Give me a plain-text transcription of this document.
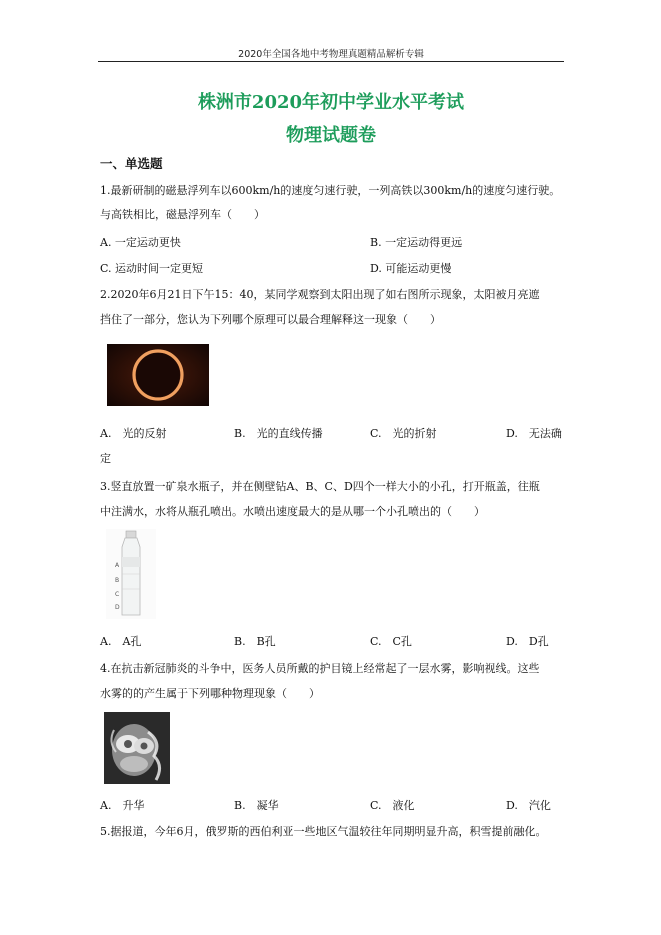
2020年全国各地中考物理真题精品解析专辑
株洲市2020年初中学业水平考试
物理试题卷
一、单选题
1.最新研制的磁悬浮列车以600km/h的速度匀速行驶，一列高铁以300km/h的速度匀速行驶。
与高铁相比，磁悬浮列车（　　）
A. 一定运动更快	B. 一定运动得更远
C. 运动时间一定更短	D. 可能运动更慢
2.2020年6月21日下午15：40，某同学观察到太阳出现了如右图所示现象，太阳被月亮遮
挡住了一部分，您认为下列哪个原理可以最合理解释这一现象（　　）
A.　光的反射	B.　光的直线传播	C.　光的折射	D.　无法确
定
3.竖直放置一矿泉水瓶子，并在侧壁钻A、B、C、D四个一样大小的小孔，打开瓶盖，往瓶
中注满水，水将从瓶孔喷出。水喷出速度最大的是从哪一个小孔喷出的（　　）
A
B
C
D
A.　A孔	B.　B孔	C.　C孔	D.　D孔
4.在抗击新冠肺炎的斗争中，医务人员所戴的护目镜上经常起了一层水雾，影响视线。这些
水雾的的产生属于下列哪种物理现象（　　）
A.　升华	B.　凝华	C.　液化	D.　汽化
5.据报道，今年6月，俄罗斯的西伯利亚一些地区气温较往年同期明显升高，积雪提前融化。
